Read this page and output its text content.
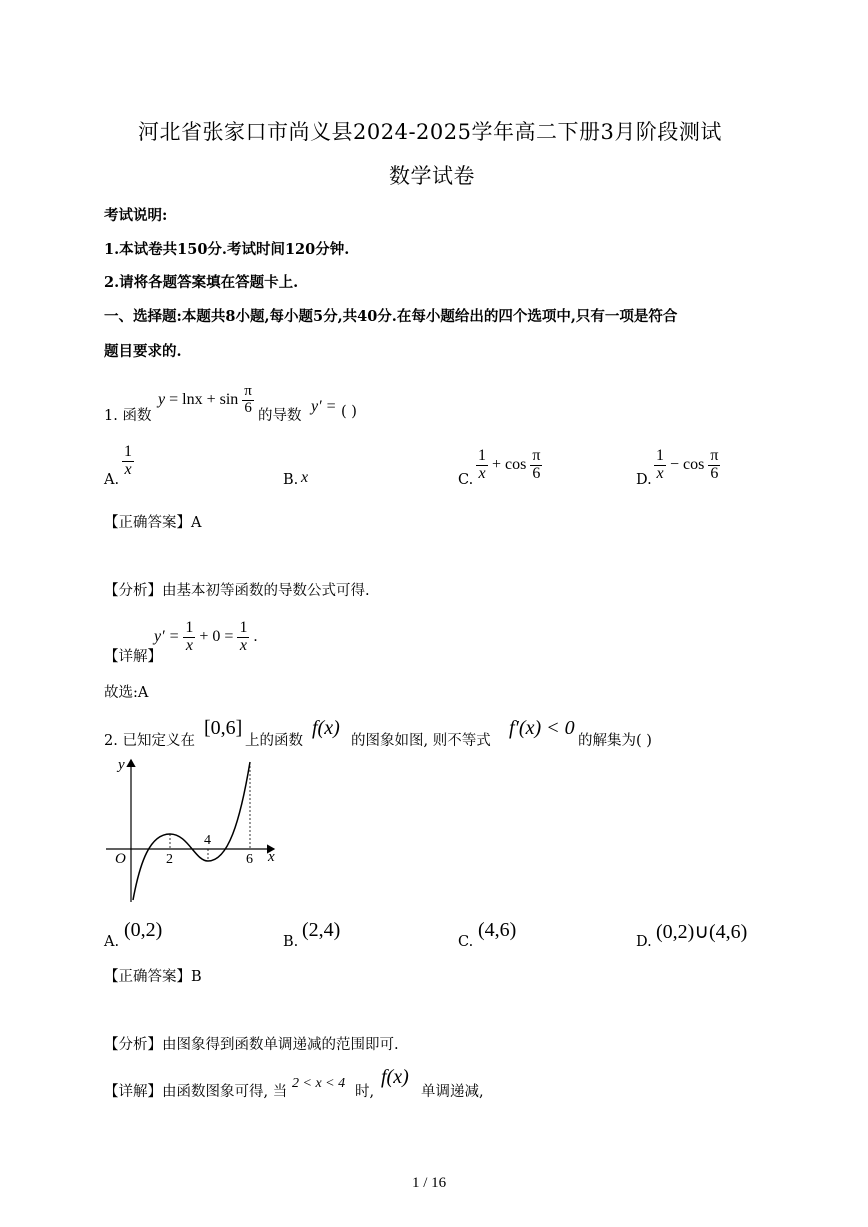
河北省张家口市尚义县2024-2025学年高二下册3月阶段测试
数学试卷
考试说明:
1.本试卷共150分.考试时间120分钟.
2.请将各题答案填在答题卡上.
一、选择题:本题共8小题,每小题5分,共40分.在每小题给出的四个选项中,只有一项是符合
题目要求的.
1. 函数
$y = \ln x + \sin \frac{\pi}{6}$ 的导数
y′ = ( )
A.
$\frac{1}{x}$
B. x	C. $\frac{1}{x} + \cos \frac{\pi}{6}$	D. $\frac{1}{x} - \cos \frac{\pi}{6}$
【正确答案】A
【分析】由基本初等函数的导数公式可得.
【详解】
$y' = \frac{1}{x} + 0 = \frac{1}{x}$ .
故选:A
2. 已知定义在
[0,6]
上的函数
f(x)
的图象如图, 则不等式
f′(x) < 0
的解集为( )
y
x
O	2
4
6
A.
(0,2)
B.
(2,4)
C.
(4,6)
D. (0,2)∪(4,6)
【正确答案】B
【分析】由图象得到函数单调递减的范围即可.
【详解】由函数图象可得, 当
2 < x < 4
时,
f(x)
单调递减,
1 / 16
